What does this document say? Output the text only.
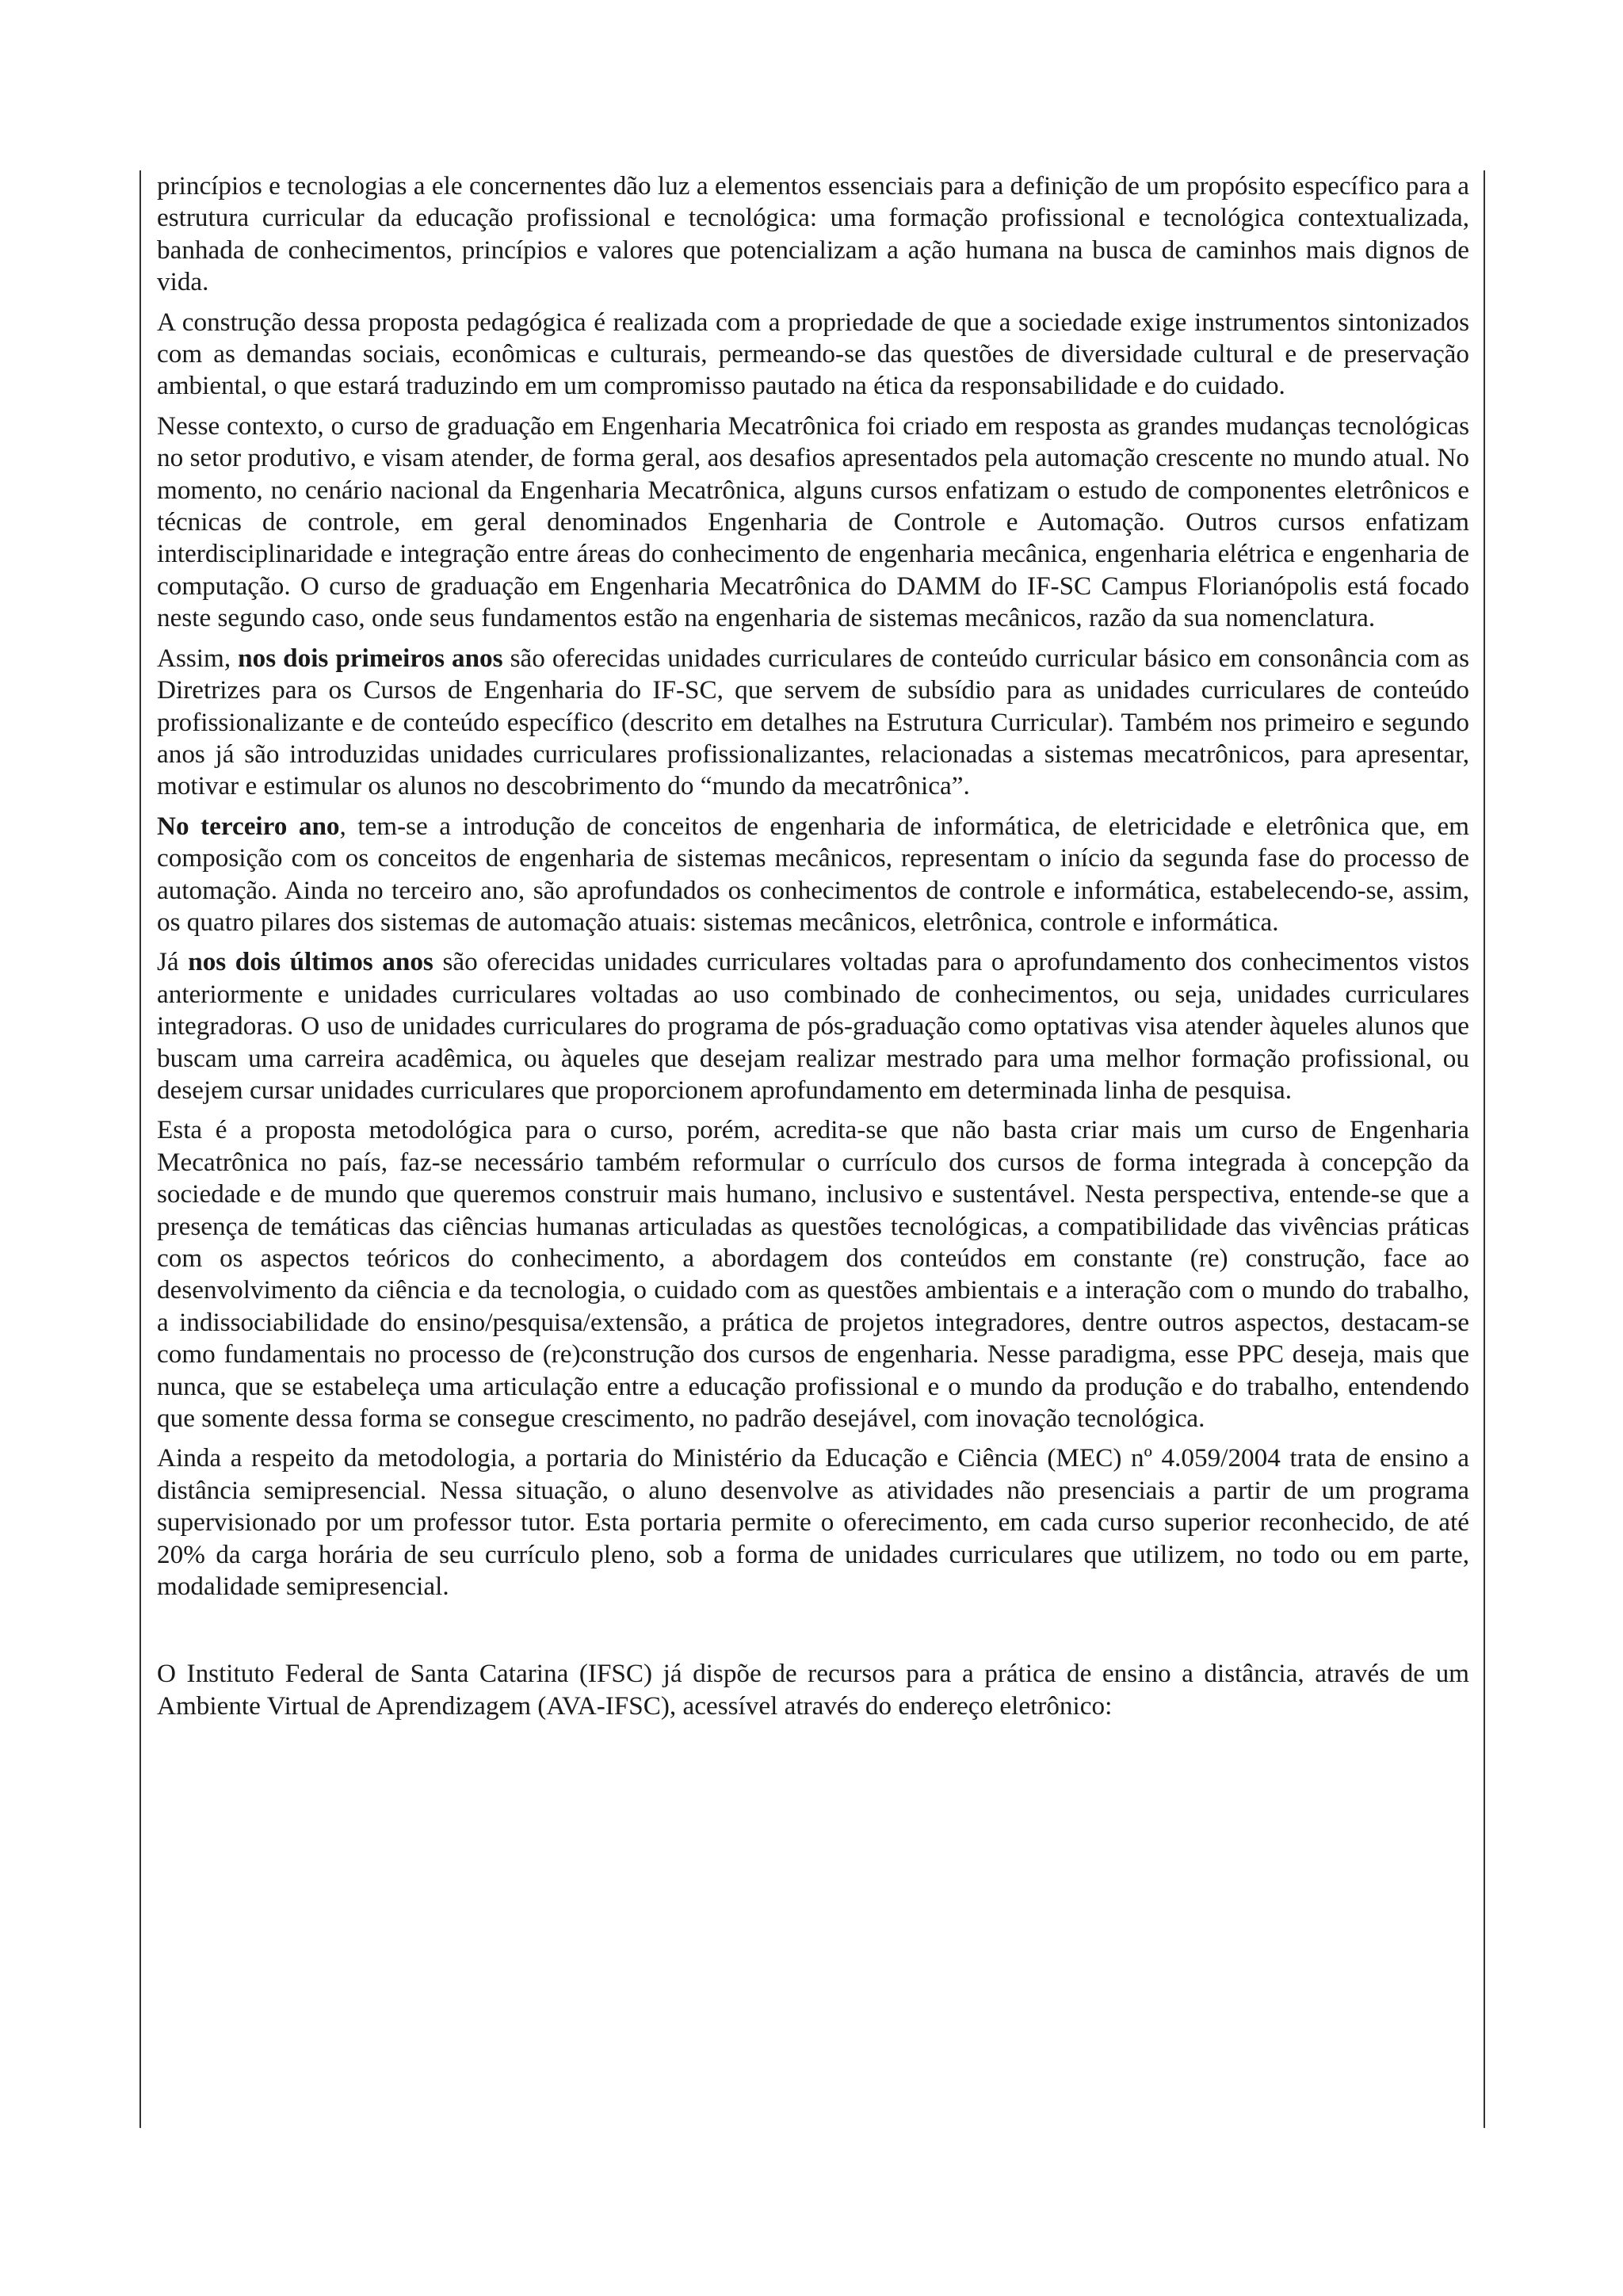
princípios e tecnologias a ele concernentes dão luz a elementos essenciais para a definição de um propósito específico para a estrutura curricular da educação profissional e tecnológica: uma formação profissional e tecnológica contextualizada, banhada de conhecimentos, princípios e valores que potencializam a ação humana na busca de caminhos mais dignos de vida.

A construção dessa proposta pedagógica é realizada com a propriedade de que a sociedade exige instrumentos sintonizados com as demandas sociais, econômicas e culturais, permeando-se das questões de diversidade cultural e de preservação ambiental, o que estará traduzindo em um compromisso pautado na ética da responsabilidade e do cuidado.

Nesse contexto, o curso de graduação em Engenharia Mecatrônica foi criado em resposta as grandes mudanças tecnológicas no setor produtivo, e visam atender, de forma geral, aos desafios apresentados pela automação crescente no mundo atual. No momento, no cenário nacional da Engenharia Mecatrônica, alguns cursos enfatizam o estudo de componentes eletrônicos e técnicas de controle, em geral denominados Engenharia de Controle e Automação. Outros cursos enfatizam interdisciplinaridade e integração entre áreas do conhecimento de engenharia mecânica, engenharia elétrica e engenharia de computação. O curso de graduação em Engenharia Mecatrônica do DAMM do IF-SC Campus Florianópolis está focado neste segundo caso, onde seus fundamentos estão na engenharia de sistemas mecânicos, razão da sua nomenclatura.

Assim, nos dois primeiros anos são oferecidas unidades curriculares de conteúdo curricular básico em consonância com as Diretrizes para os Cursos de Engenharia do IF-SC, que servem de subsídio para as unidades curriculares de conteúdo profissionalizante e de conteúdo específico (descrito em detalhes na Estrutura Curricular). Também nos primeiro e segundo anos já são introduzidas unidades curriculares profissionalizantes, relacionadas a sistemas mecatrônicos, para apresentar, motivar e estimular os alunos no descobrimento do “mundo da mecatrônica”.

No terceiro ano, tem-se a introdução de conceitos de engenharia de informática, de eletricidade e eletrônica que, em composição com os conceitos de engenharia de sistemas mecânicos, representam o início da segunda fase do processo de automação. Ainda no terceiro ano, são aprofundados os conhecimentos de controle e informática, estabelecendo-se, assim, os quatro pilares dos sistemas de automação atuais: sistemas mecânicos, eletrônica, controle e informática.

Já nos dois últimos anos são oferecidas unidades curriculares voltadas para o aprofundamento dos conhecimentos vistos anteriormente e unidades curriculares voltadas ao uso combinado de conhecimentos, ou seja, unidades curriculares integradoras. O uso de unidades curriculares do programa de pós-graduação como optativas visa atender àqueles alunos que buscam uma carreira acadêmica, ou àqueles que desejam realizar mestrado para uma melhor formação profissional, ou desejem cursar unidades curriculares que proporcionem aprofundamento em determinada linha de pesquisa.

Esta é a proposta metodológica para o curso, porém, acredita-se que não basta criar mais um curso de Engenharia Mecatrônica no país, faz-se necessário também reformular o currículo dos cursos de forma integrada à concepção da sociedade e de mundo que queremos construir mais humano, inclusivo e sustentável. Nesta perspectiva, entende-se que a presença de temáticas das ciências humanas articuladas as questões tecnológicas, a compatibilidade das vivências práticas com os aspectos teóricos do conhecimento, a abordagem dos conteúdos em constante (re) construção, face ao desenvolvimento da ciência e da tecnologia, o cuidado com as questões ambientais e a interação com o mundo do trabalho, a indissociabilidade do ensino/pesquisa/extensão, a prática de projetos integradores, dentre outros aspectos, destacam-se como fundamentais no processo de (re)construção dos cursos de engenharia. Nesse paradigma, esse PPC deseja, mais que nunca, que se estabeleça uma articulação entre a educação profissional e o mundo da produção e do trabalho, entendendo que somente dessa forma se consegue crescimento, no padrão desejável, com inovação tecnológica.

Ainda a respeito da metodologia, a portaria do Ministério da Educação e Ciência (MEC) nº 4.059/2004 trata de ensino a distância semipresencial. Nessa situação, o aluno desenvolve as atividades não presenciais a partir de um programa supervisionado por um professor tutor. Esta portaria permite o oferecimento, em cada curso superior reconhecido, de até 20% da carga horária de seu currículo pleno, sob a forma de unidades curriculares que utilizem, no todo ou em parte, modalidade semipresencial.

O Instituto Federal de Santa Catarina (IFSC) já dispõe de recursos para a prática de ensino a distância, através de um Ambiente Virtual de Aprendizagem (AVA-IFSC), acessível através do endereço eletrônico:
